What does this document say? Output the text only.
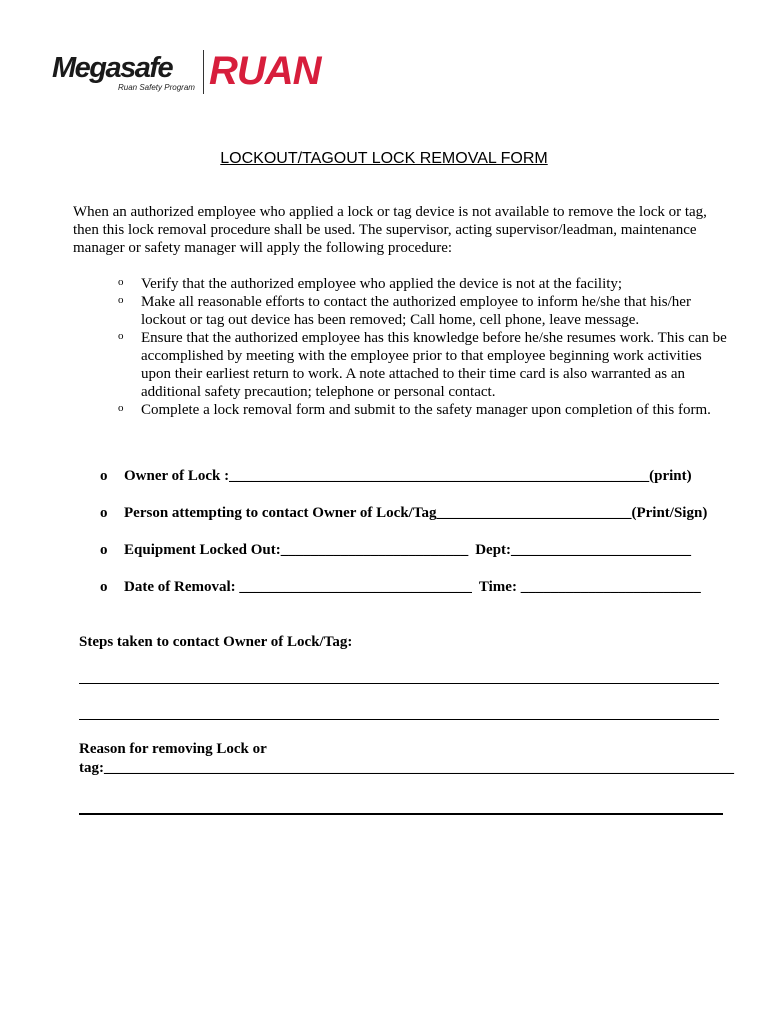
Megasafe
Ruan Safety Program RUAN
LOCKOUT/TAGOUT LOCK REMOVAL FORM

When an authorized employee who applied a lock or tag device is not available to remove the lock or tag, then this lock removal procedure shall be used. The supervisor, acting supervisor/leadman, maintenance manager or safety manager will apply the following procedure:

o Verify that the authorized employee who applied the device is not at the facility;
o Make all reasonable efforts to contact the authorized employee to inform he/she that his/her lockout or tag out device has been removed; Call home, cell phone, leave message.
o Ensure that the authorized employee has this knowledge before he/she resumes work. This can be accomplished by meeting with the employee prior to that employee beginning work activities upon their earliest return to work. A note attached to their time card is also warranted as an additional safety precaution; telephone or personal contact.
o Complete a lock removal form and submit to the safety manager upon completion of this form.
o Owner of Lock :________________________________________________________(print)
o Person attempting to contact Owner of Lock/Tag__________________________(Print/Sign)
o Equipment Locked Out:_________________________ Dept:________________________
o Date of Removal: _______________________________ Time: ________________________
Steps taken to contact Owner of Lock/Tag:
Reason for removing Lock or
tag:____________________________________________________________________________________
